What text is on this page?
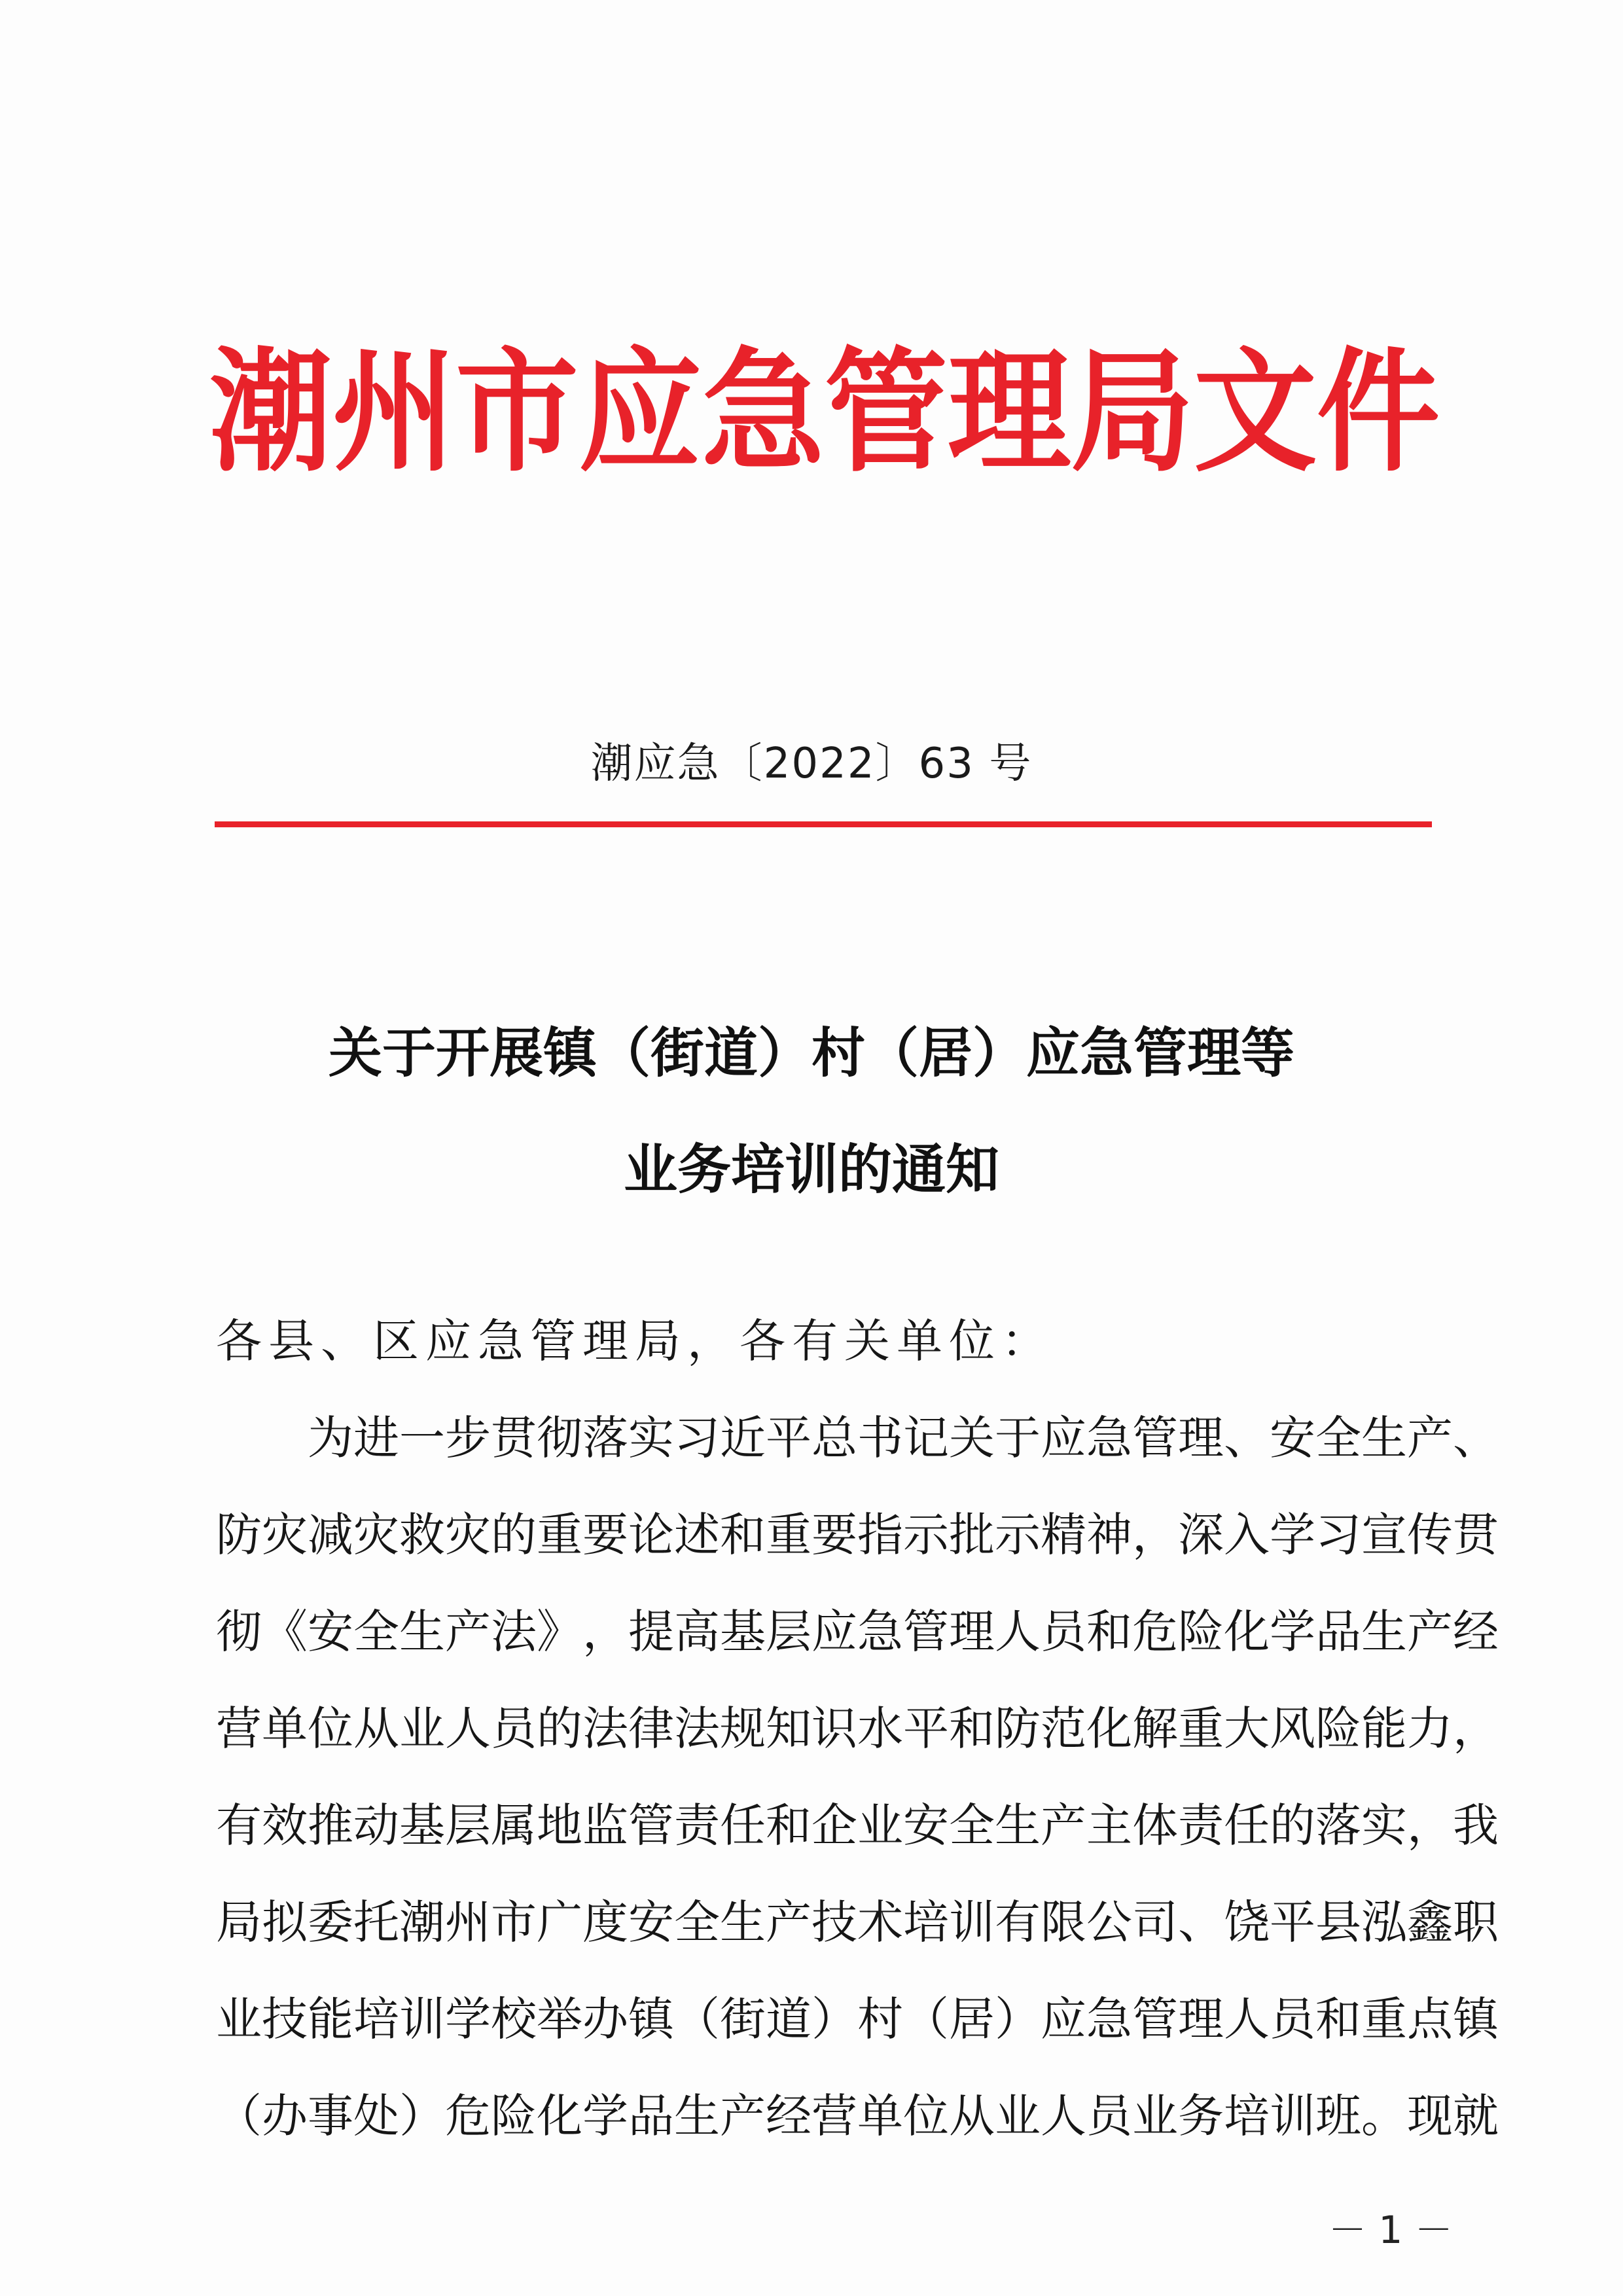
潮 州 市 应 急 管 理 局 文 件
潮应急〔2022〕63 号
关于开展镇（街道）村（居）应急管理等
业务培训的通知
各县、区应急管理局，各有关单位：

为 进 一 步 贯 彻 落 实 习 近 平 总 书 记 关 于 应 急 管 理 、 安 全 生 产 、
防 灾 减 灾 救 灾 的 重 要 论 述 和 重 要 指 示 批 示 精 神 ， 深 入 学 习 宣 传 贯
彻 《 安 全 生 产 法 》 ， 提 高 基 层 应 急 管 理 人 员 和 危 险 化 学 品 生 产 经
营 单 位 从 业 人 员 的 法 律 法 规 知 识 水 平 和 防 范 化 解 重 大 风 险 能 力 ，
有 效 推 动 基 层 属 地 监 管 责 任 和 企 业 安 全 生 产 主 体 责 任 的 落 实 ， 我
局 拟 委 托 潮 州 市 广 度 安 全 生 产 技 术 培 训 有 限 公 司 、 饶 平 县 泓 鑫 职
业 技 能 培 训 学 校 举 办 镇 （ 街 道 ） 村 （ 居 ） 应 急 管 理 人 员 和 重 点 镇
（ 办 事 处 ） 危 险 化 学 品 生 产 经 营 单 位 从 业 人 员 业 务 培 训 班 。 现 就
－ 1 －
